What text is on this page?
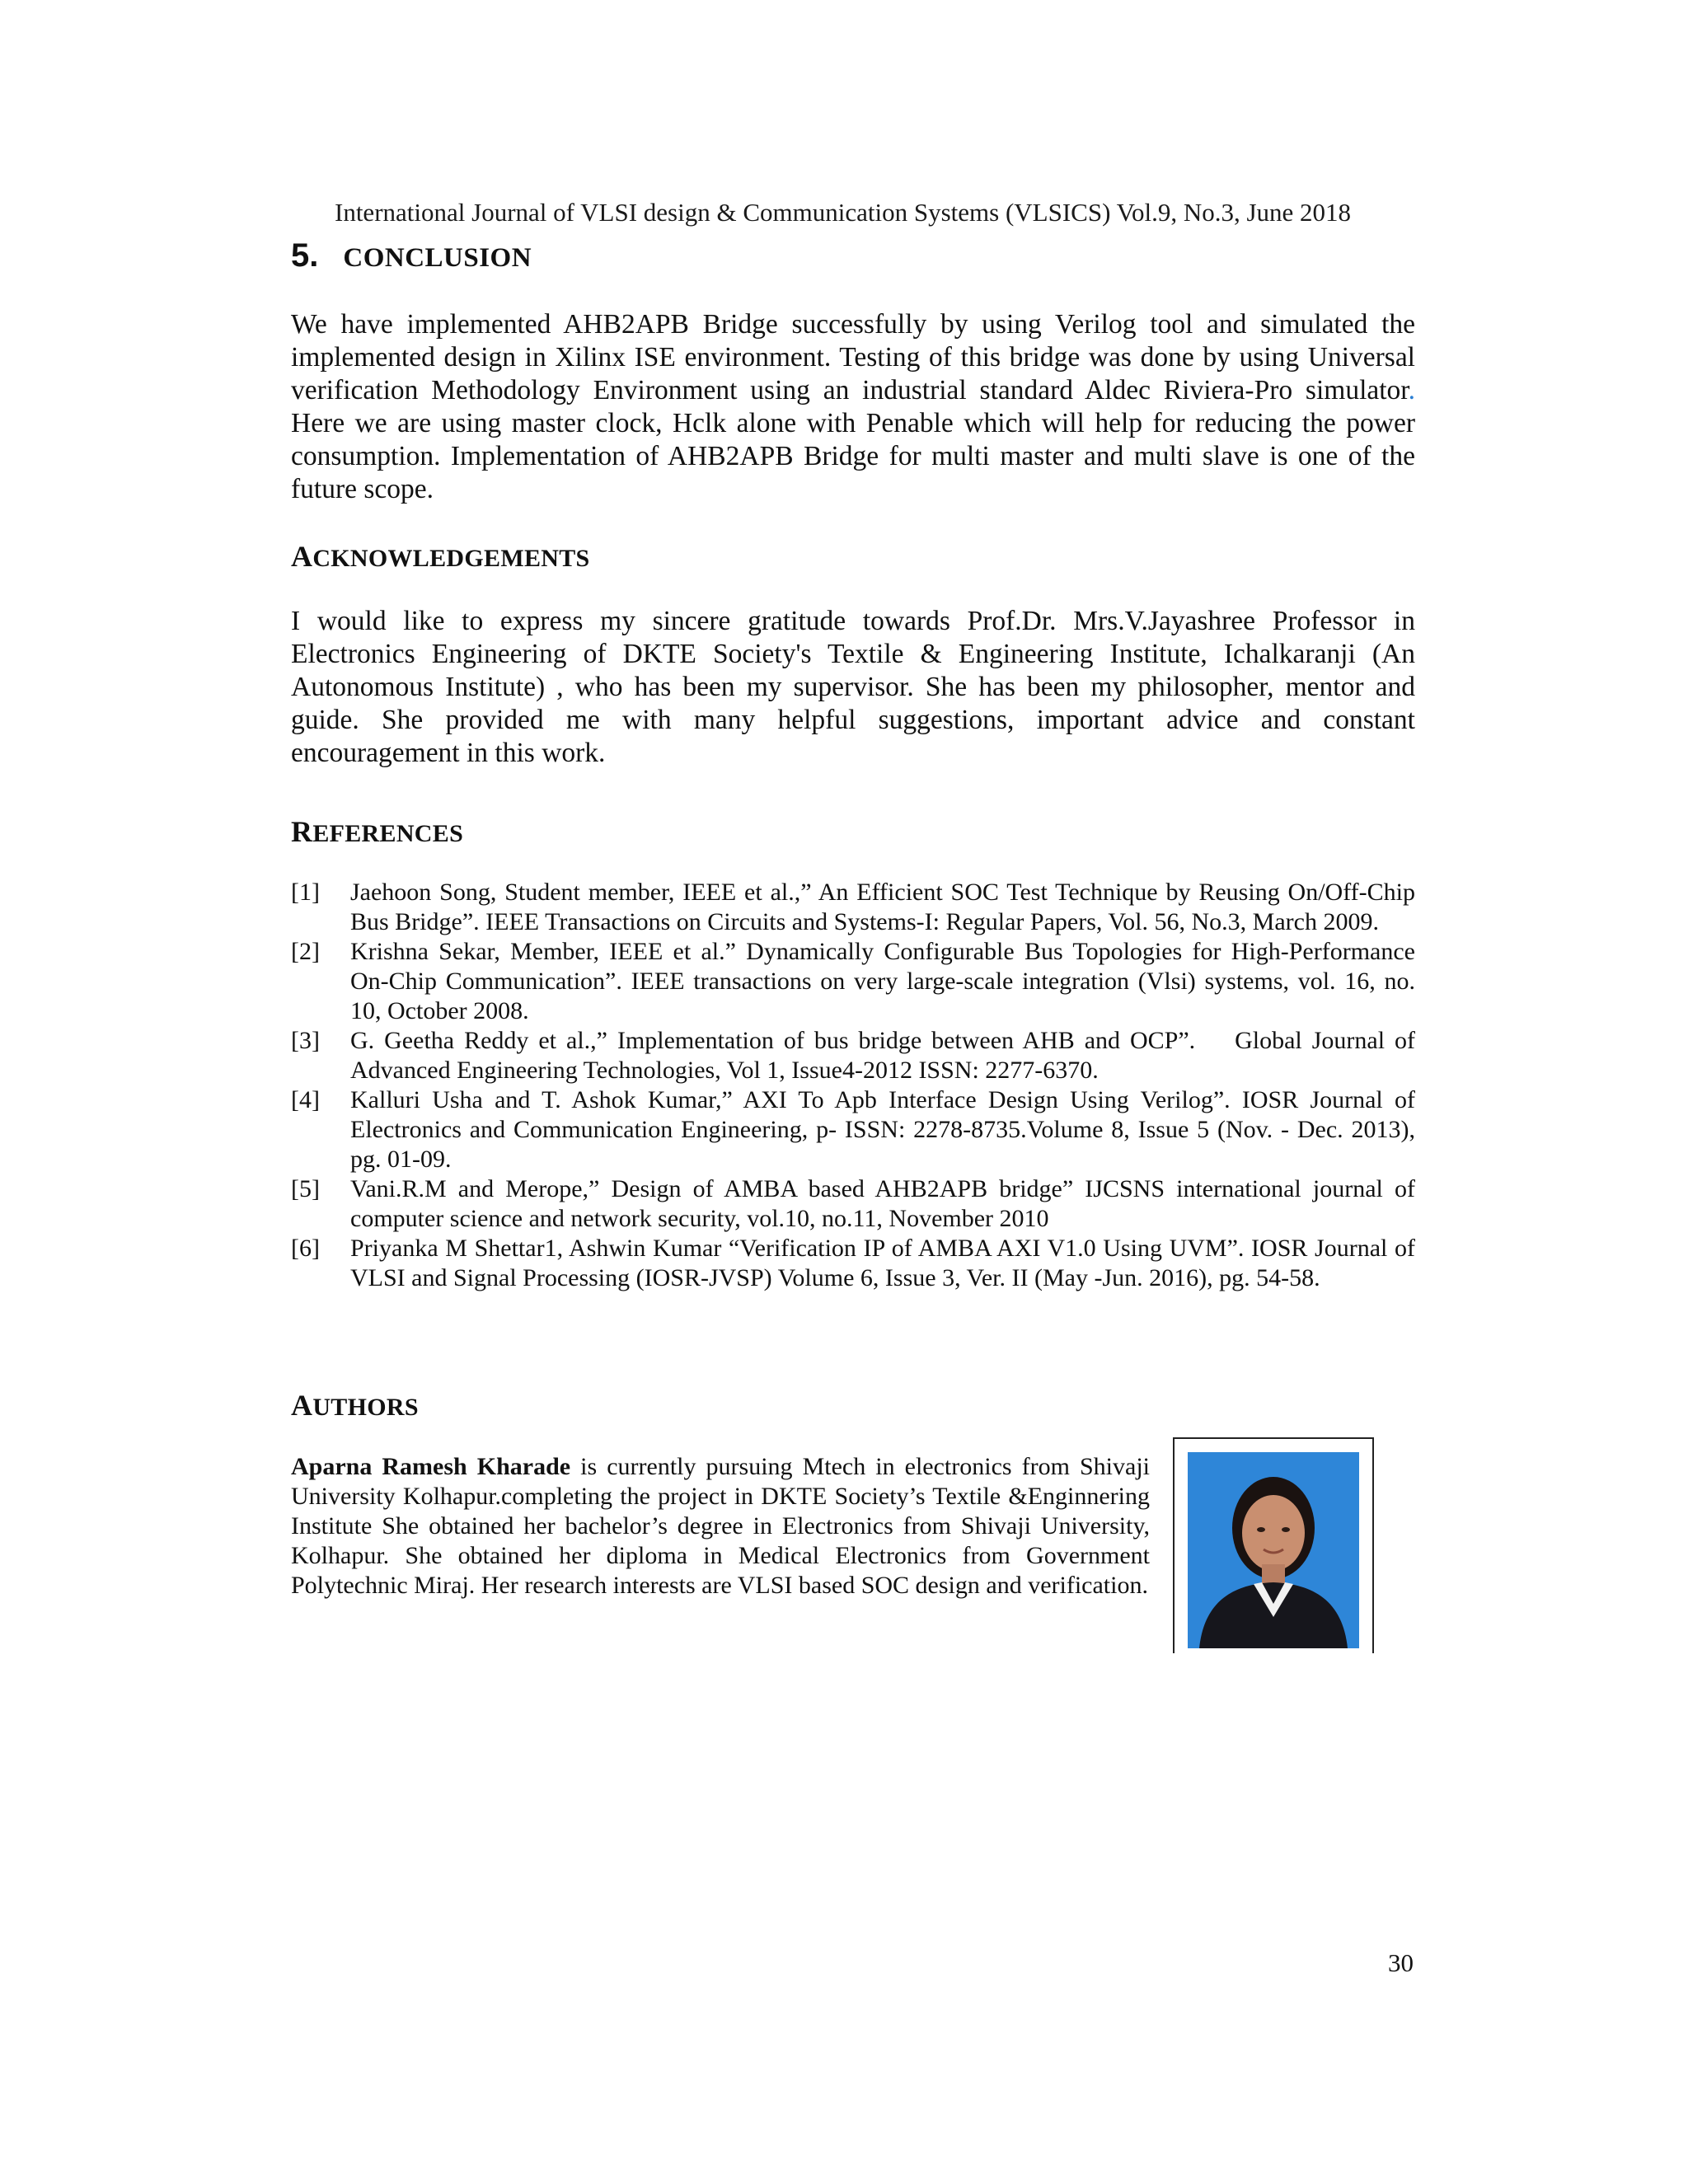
International Journal of VLSI design & Communication Systems (VLSICS) Vol.9, No.3, June 2018
5. CONCLUSION

We have implemented AHB2APB Bridge successfully by using Verilog tool and simulated the implemented design in Xilinx ISE environment. Testing of this bridge was done by using Universal verification Methodology Environment using an industrial standard Aldec Riviera-Pro simulator. Here we are using master clock, Hclk alone with Penable which will help for reducing the power consumption. Implementation of AHB2APB Bridge for multi master and multi slave is one of the future scope.

ACKNOWLEDGEMENTS

I would like to express my sincere gratitude towards Prof.Dr. Mrs.V.Jayashree Professor in Electronics Engineering of DKTE Society's Textile & Engineering Institute, Ichalkaranji (An Autonomous Institute) , who has been my supervisor. She has been my philosopher, mentor and guide. She provided me with many helpful suggestions, important advice and constant encouragement in this work.

REFERENCES
[1]	Jaehoon Song, Student member, IEEE et al.,” An Efficient SOC Test Technique by Reusing On/Off-Chip Bus Bridge”. IEEE Transactions on Circuits and Systems-I: Regular Papers, Vol. 56, No.3, March 2009.
[2]	Krishna Sekar, Member, IEEE et al.” Dynamically Configurable Bus Topologies for High-Performance On-Chip Communication”. IEEE transactions on very large-scale integration (Vlsi) systems, vol. 16, no. 10, October 2008.
[3]	G. Geetha Reddy et al.,” Implementation of bus bridge between AHB and OCP”.    Global Journal of Advanced Engineering Technologies, Vol 1, Issue4-2012 ISSN: 2277-6370.
[4]	Kalluri Usha and T. Ashok Kumar,” AXI To Apb Interface Design Using Verilog”. IOSR Journal of Electronics and Communication Engineering, p- ISSN: 2278-8735.Volume 8, Issue 5 (Nov. - Dec. 2013), pg. 01-09.
[5]	Vani.R.M and Merope,” Design of AMBA based AHB2APB bridge” IJCSNS international journal of computer science and network security, vol.10, no.11, November 2010
[6]	Priyanka M Shettar1, Ashwin Kumar “Verification IP of AMBA AXI V1.0 Using UVM”. IOSR Journal of VLSI and Signal Processing (IOSR-JVSP) Volume 6, Issue 3, Ver. II (May -Jun. 2016), pg. 54-58.
AUTHORS

Aparna Ramesh Kharade is currently pursuing Mtech in electronics from Shivaji University Kolhapur.completing the project in DKTE Society’s Textile &Enginnering Institute She obtained her bachelor’s degree in Electronics from Shivaji University, Kolhapur. She obtained her diploma in Medical Electronics from Government Polytechnic Miraj. Her research interests are VLSI based SOC design and verification.

30
